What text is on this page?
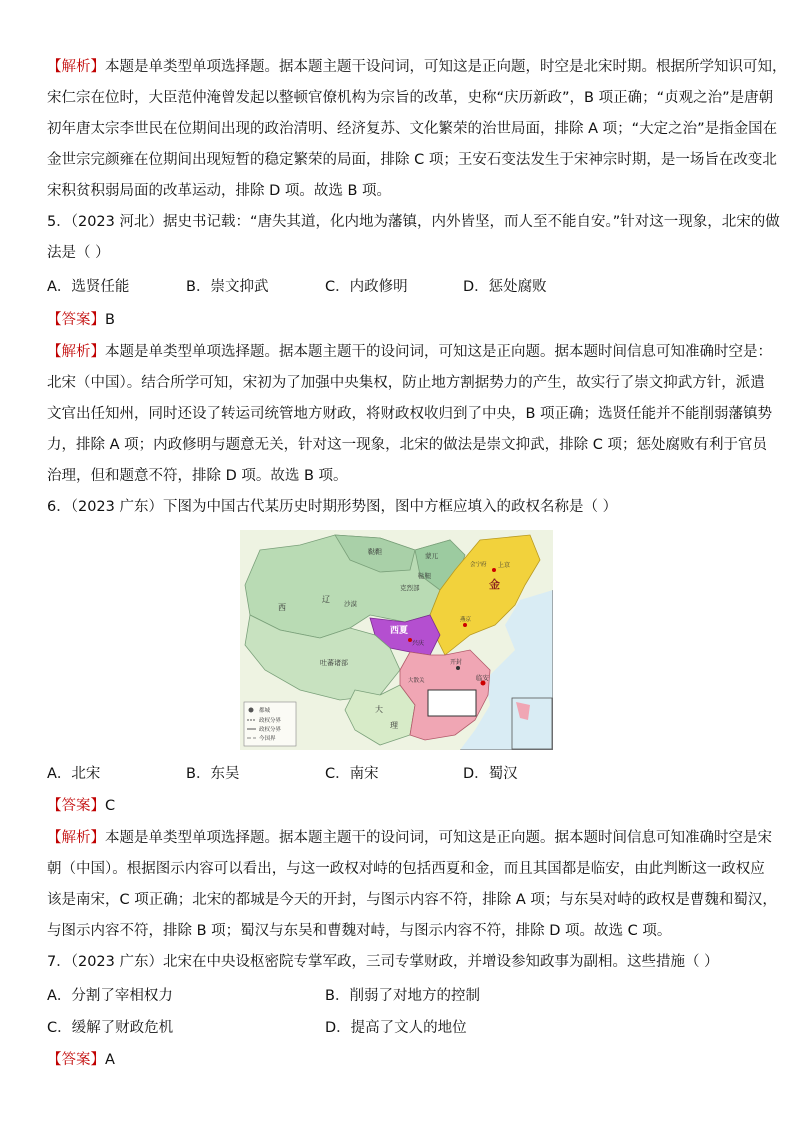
【解析】本题是单类型单项选择题。据本题主题干设问词，可知这是正向题，时空是北宋时期。根据所学知识可知，
宋仁宗在位时，大臣范仲淹曾发起以整顿官僚机构为宗旨的改革，史称“庆历新政”，B 项正确；“贞观之治”是唐朝
初年唐太宗李世民在位期间出现的政治清明、经济复苏、文化繁荣的治世局面，排除 A 项；“大定之治”是指金国在
金世宗完颜雍在位期间出现短暂的稳定繁荣的局面，排除 C 项；王安石变法发生于宋神宗时期，是一场旨在改变北
宋积贫积弱局面的改革运动，排除 D 项。故选 B 项。
5．（2023 河北）据史书记载：“唐失其道，化内地为藩镇，内外皆坚，而人至不能自安。”针对这一现象，北宋的做
法是（ ）
A．选贤任能	B．崇文抑武	C．内政修明	D．惩处腐败
【答案】B
【解析】本题是单类型单项选择题。据本题主题干的设问词，可知这是正向题。据本题时间信息可知准确时空是：
北宋（中国）。结合所学可知，宋初为了加强中央集权，防止地方割据势力的产生，故实行了崇文抑武方针，派遣
文官出任知州，同时还设了转运司统管地方财政，将财政权收归到了中央，B 项正确；选贤任能并不能削弱藩镇势
力，排除 A 项；内政修明与题意无关，针对这一现象，北宋的做法是崇文抑武，排除 C 项；惩处腐败有利于官员
治理，但和题意不符，排除 D 项。故选 B 项。
6．（2023 广东）下图为中国古代某历史时期形势图，图中方框应填入的政权名称是（ ）
都城
政权分界
政权分界
今国界
鞑靼	蒙兀
鞑靼
克烈部
西
辽 沙漠
金
会宁府 上京
西夏
兴庆
燕京
开封
吐蕃诸部
临安
大散关
大
理
A．北宋	B．东吴	C．南宋	D．蜀汉
【答案】C
【解析】本题是单类型单项选择题。据本题主题干的设问词，可知这是正向题。据本题时间信息可知准确时空是宋
朝（中国）。根据图示内容可以看出，与这一政权对峙的包括西夏和金，而且其国都是临安，由此判断这一政权应
该是南宋，C 项正确；北宋的都城是今天的开封，与图示内容不符，排除 A 项；与东吴对峙的政权是曹魏和蜀汉，
与图示内容不符，排除 B 项；蜀汉与东吴和曹魏对峙，与图示内容不符，排除 D 项。故选 C 项。
7．（2023 广东）北宋在中央设枢密院专掌军政，三司专掌财政，并增设参知政事为副相。这些措施（ ）
A．分割了宰相权力	B．削弱了对地方的控制
C．缓解了财政危机	D．提高了文人的地位
【答案】A
